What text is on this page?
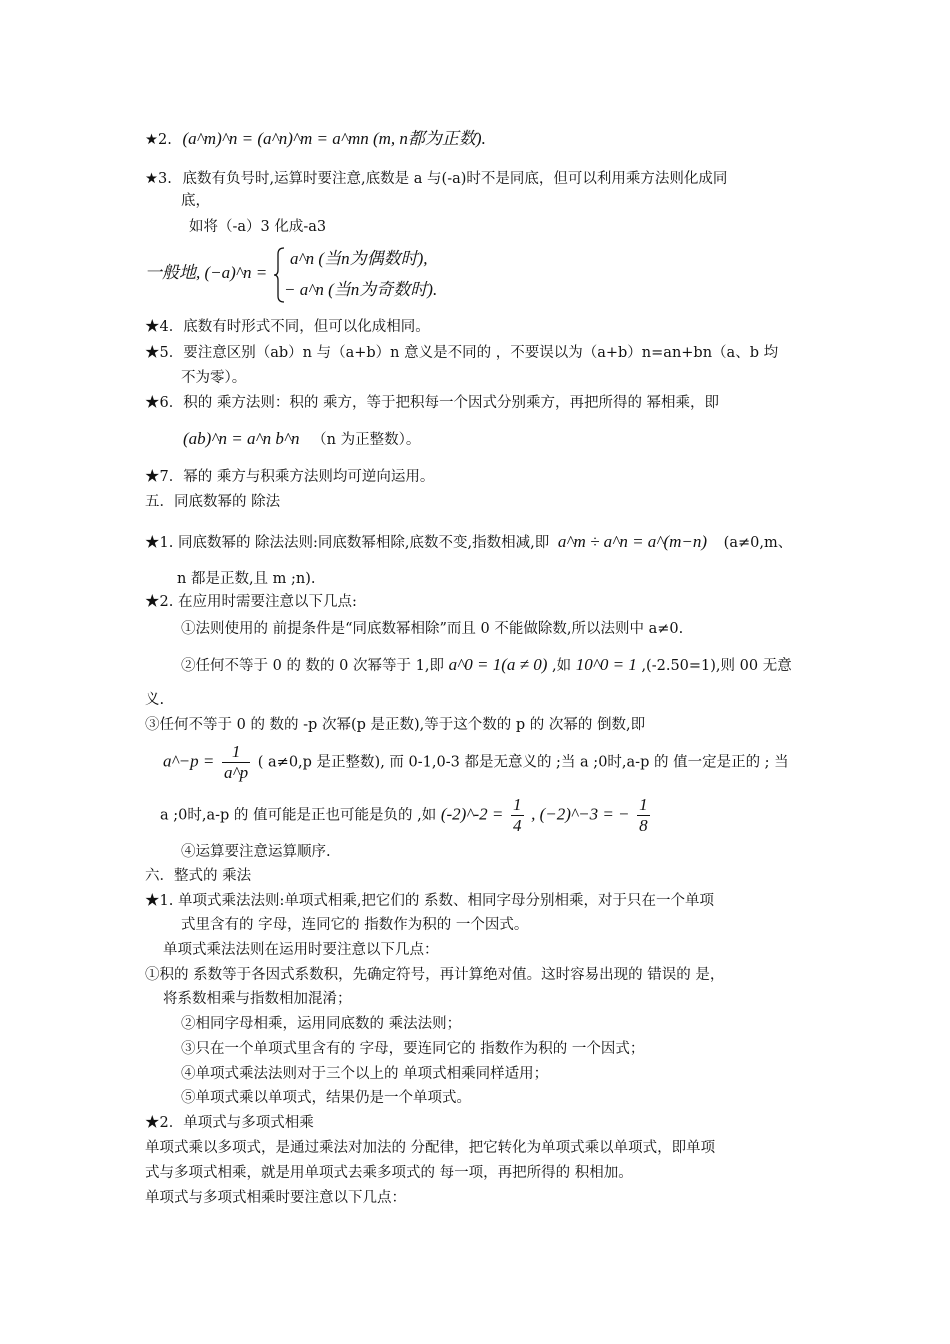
★2. (a^m)^n = (a^n)^m = a^mn (m, n都为正数).
★3. 底数有负号时,运算时要注意,底数是 a 与(-a)时不是同底，但可以利用乘方法则化成同
底，
如将（-a）3 化成-a3
一般地, (−a)^n =
a^n (当n为偶数时),
− a^n (当n为奇数时).
★4．底数有时形式不同，但可以化成相同。
★5．要注意区别（ab）n 与（a+b）n 意义是不同的 ，不要误以为（a+b）n=an+bn（a、b 均
不为零）。
★6．积的 乘方法则：积的 乘方，等于把积每一个因式分别乘方，再把所得的 幂相乘，即
(ab)^n = a^n b^n （n 为正整数）。
★7．幂的 乘方与积乘方法则均可逆向运用。
五．同底数幂的 除法
★1. 同底数幂的 除法法则:同底数幂相除,底数不变,指数相减,即 a^m ÷ a^n = a^(m−n) (a≠0,m、
n 都是正数,且 m ;n).
★2. 在应用时需要注意以下几点:
①法则使用的 前提条件是“同底数幂相除”而且 0 不能做除数,所以法则中 a≠0.
②任何不等于 0 的 数的 0 次幂等于 1,即 a^0 = 1(a ≠ 0) ,如 10^0 = 1 ,(-2.50=1),则 00 无意
义.
③任何不等于 0 的 数的 -p 次幂(p 是正数),等于这个数的 p 的 次幂的 倒数,即
a^−p = $\frac{1}{a\^{}p}$ ( a≠0,p 是正整数), 而 0-1,0-3 都是无意义的 ;当 a ;0时,a-p 的 值一定是正的 ; 当
a ;0时,a-p 的 值可能是正也可能是负的 ,如 (-2)^-2 = $\frac{1}{4}$ , (−2)^−3 = − $\frac{1}{8}$
④运算要注意运算顺序.
六．整式的 乘法
★1. 单项式乘法法则:单项式相乘,把它们的 系数、相同字母分别相乘，对于只在一个单项
式里含有的 字母，连同它的 指数作为积的 一个因式。
单项式乘法法则在运用时要注意以下几点：
①积的 系数等于各因式系数积，先确定符号，再计算绝对值。这时容易出现的 错误的 是，
将系数相乘与指数相加混淆；
②相同字母相乘，运用同底数的 乘法法则；
③只在一个单项式里含有的 字母，要连同它的 指数作为积的 一个因式；
④单项式乘法法则对于三个以上的 单项式相乘同样适用；
⑤单项式乘以单项式，结果仍是一个单项式。
★2．单项式与多项式相乘
单项式乘以多项式，是通过乘法对加法的 分配律，把它转化为单项式乘以单项式，即单项
式与多项式相乘，就是用单项式去乘多项式的 每一项，再把所得的 积相加。
单项式与多项式相乘时要注意以下几点：
